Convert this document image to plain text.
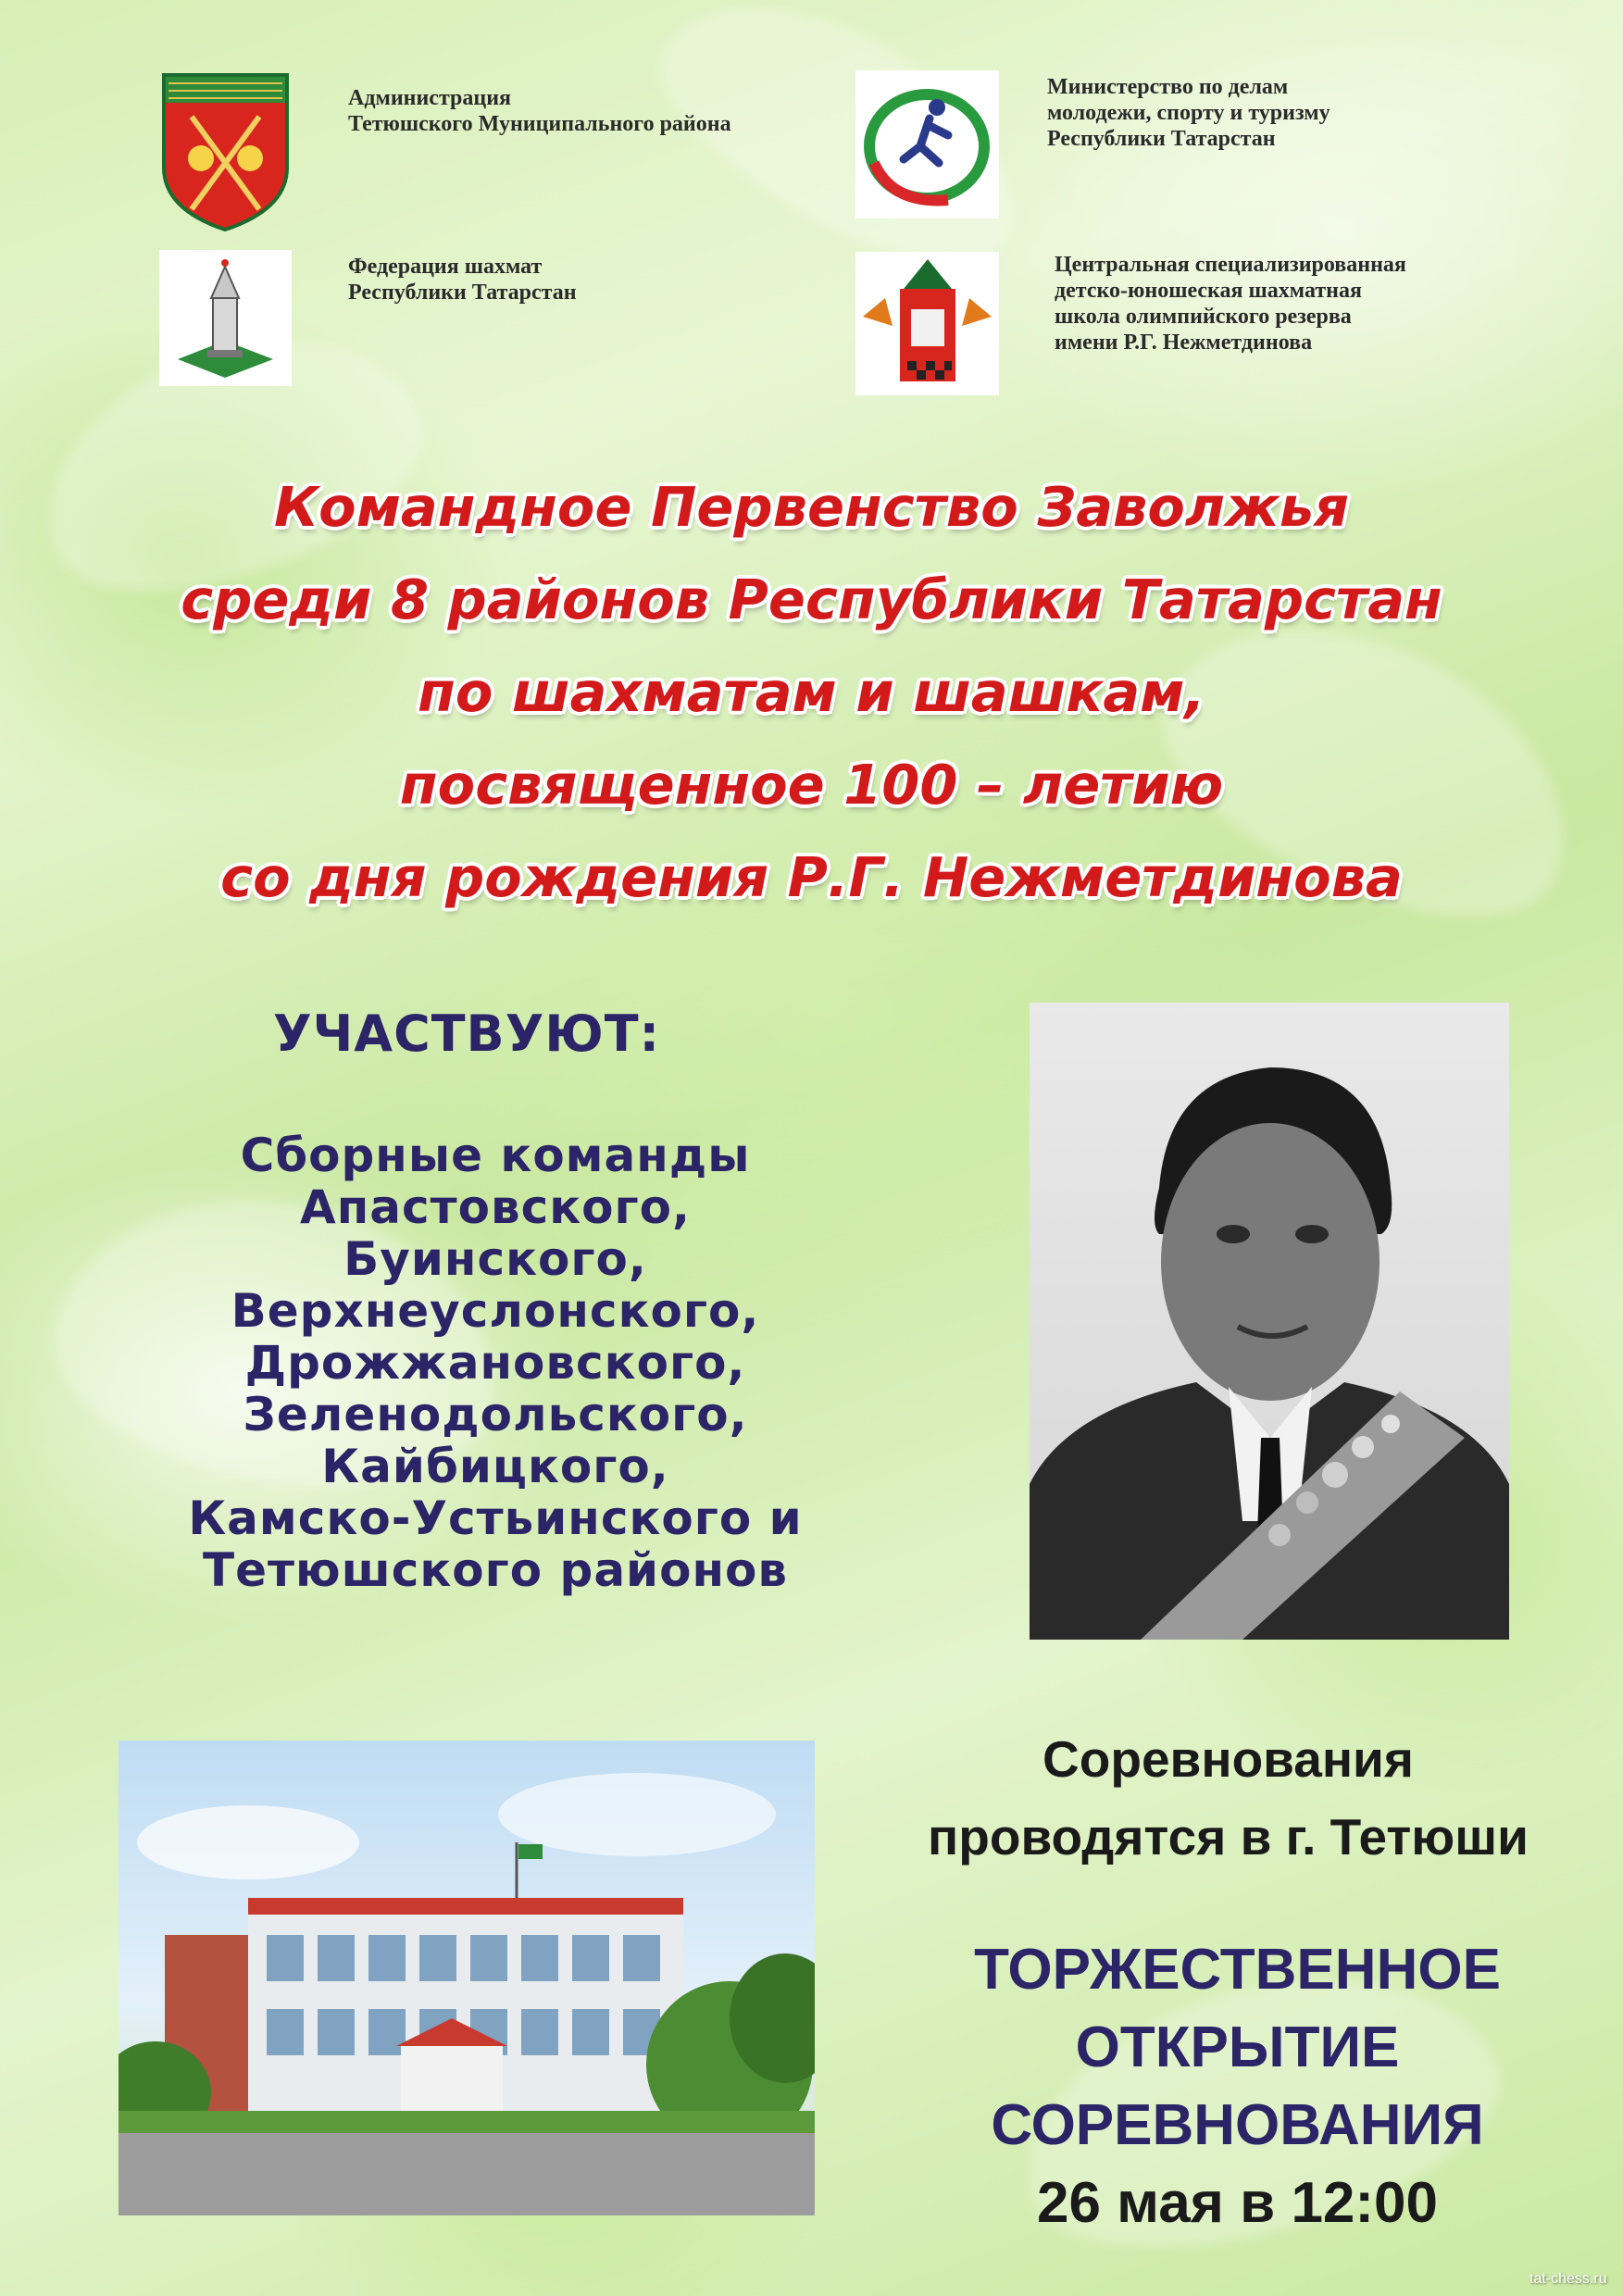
Администрация
Тетюшского Муниципального района
Министерство по делам
молодежи, спорту и туризму
Республики Татарстан
Федерация шахмат
Республики Татарстан
Центральная специализированная
детско-юношеская шахматная
школа олимпийского резерва
имени Р.Г. Нежметдинова
Командное Первенство Заволжья
среди 8 районов Республики Татарстан
по шахматам и шашкам,
посвященное 100 – летию
со дня рождения Р.Г. Нежметдинова
УЧАСТВУЮТ:
Сборные команды
Апастовского,
Буинского,
Верхнеуслонского,
Дрожжановского,
Зеленодольского,
Кайбицкого,
Камско-Устьинского и
Тетюшского районов
Соревнования
проводятся в г. Тетюши
ТОРЖЕСТВЕННОЕ
ОТКРЫТИЕ
СОРЕВНОВАНИЯ
26 мая в 12:00
tat-chess.ru
